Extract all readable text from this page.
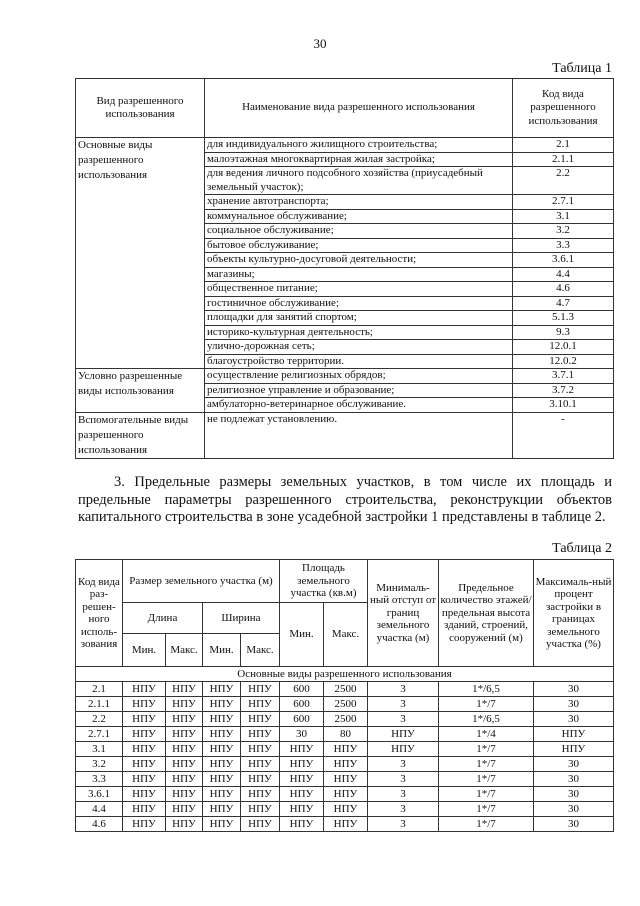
30
Таблица 1
Вид разрешенного использования	Наименование вида разрешенного использования	Код вида разрешенного использования
Основные виды разрешенного использования	для индивидуального жилищного строительства;	2.1
	малоэтажная многоквартирная жилая застройка;	2.1.1
	для ведения личного подсобного хозяйства (приусадебный земельный участок);	2.2
	хранение автотранспорта;	2.7.1
	коммунальное обслуживание;	3.1
	социальное обслуживание;	3.2
	бытовое обслуживание;	3.3
	объекты культурно-досуговой деятельности;	3.6.1
	магазины;	4.4
	общественное питание;	4.6
	гостиничное обслуживание;	4.7
	площадки для занятий спортом;	5.1.3
	историко-культурная деятельность;	9.3
	улично-дорожная сеть;	12.0.1
	благоустройство территории.	12.0.2
Условно разрешенные виды использования	осуществление религиозных обрядов;	3.7.1
	религиозное управление и образование;	3.7.2
	амбулаторно-ветеринарное обслуживание.	3.10.1
Вспомогательные виды разрешенного использования	не подлежат установлению.	-
3. Предельные размеры земельных участков, в том числе их площадь и предельные параметры разрешенного строительства, реконструкции объектов капитального строительства в зоне усадебной застройки 1 представлены в таблице 2.
Таблица 2
Код вида раз-решен-ного исполь-зования	Размер земельного участка (м)				Площадь земельного участка (кв.м)		Минималь-ный отступ от границ земельного участка (м)	Предельное количество этажей/ предельная высота зданий, строений, сооружений (м)	Максималь-ный процент застройки в границах земельного участка (%)
	Длина		Ширина		Мин.	Макс.			
	Мин.	Макс.	Мин.	Макс.					
Основные виды разрешенного использования									
2.1	НПУ	НПУ	НПУ	НПУ	600	2500	3	1*/6,5	30
2.1.1	НПУ	НПУ	НПУ	НПУ	600	2500	3	1*/7	30
2.2	НПУ	НПУ	НПУ	НПУ	600	2500	3	1*/6,5	30
2.7.1	НПУ	НПУ	НПУ	НПУ	30	80	НПУ	1*/4	НПУ
3.1	НПУ	НПУ	НПУ	НПУ	НПУ	НПУ	НПУ	1*/7	НПУ
3.2	НПУ	НПУ	НПУ	НПУ	НПУ	НПУ	3	1*/7	30
3.3	НПУ	НПУ	НПУ	НПУ	НПУ	НПУ	3	1*/7	30
3.6.1	НПУ	НПУ	НПУ	НПУ	НПУ	НПУ	3	1*/7	30
4.4	НПУ	НПУ	НПУ	НПУ	НПУ	НПУ	3	1*/7	30
4.6	НПУ	НПУ	НПУ	НПУ	НПУ	НПУ	3	1*/7	30
